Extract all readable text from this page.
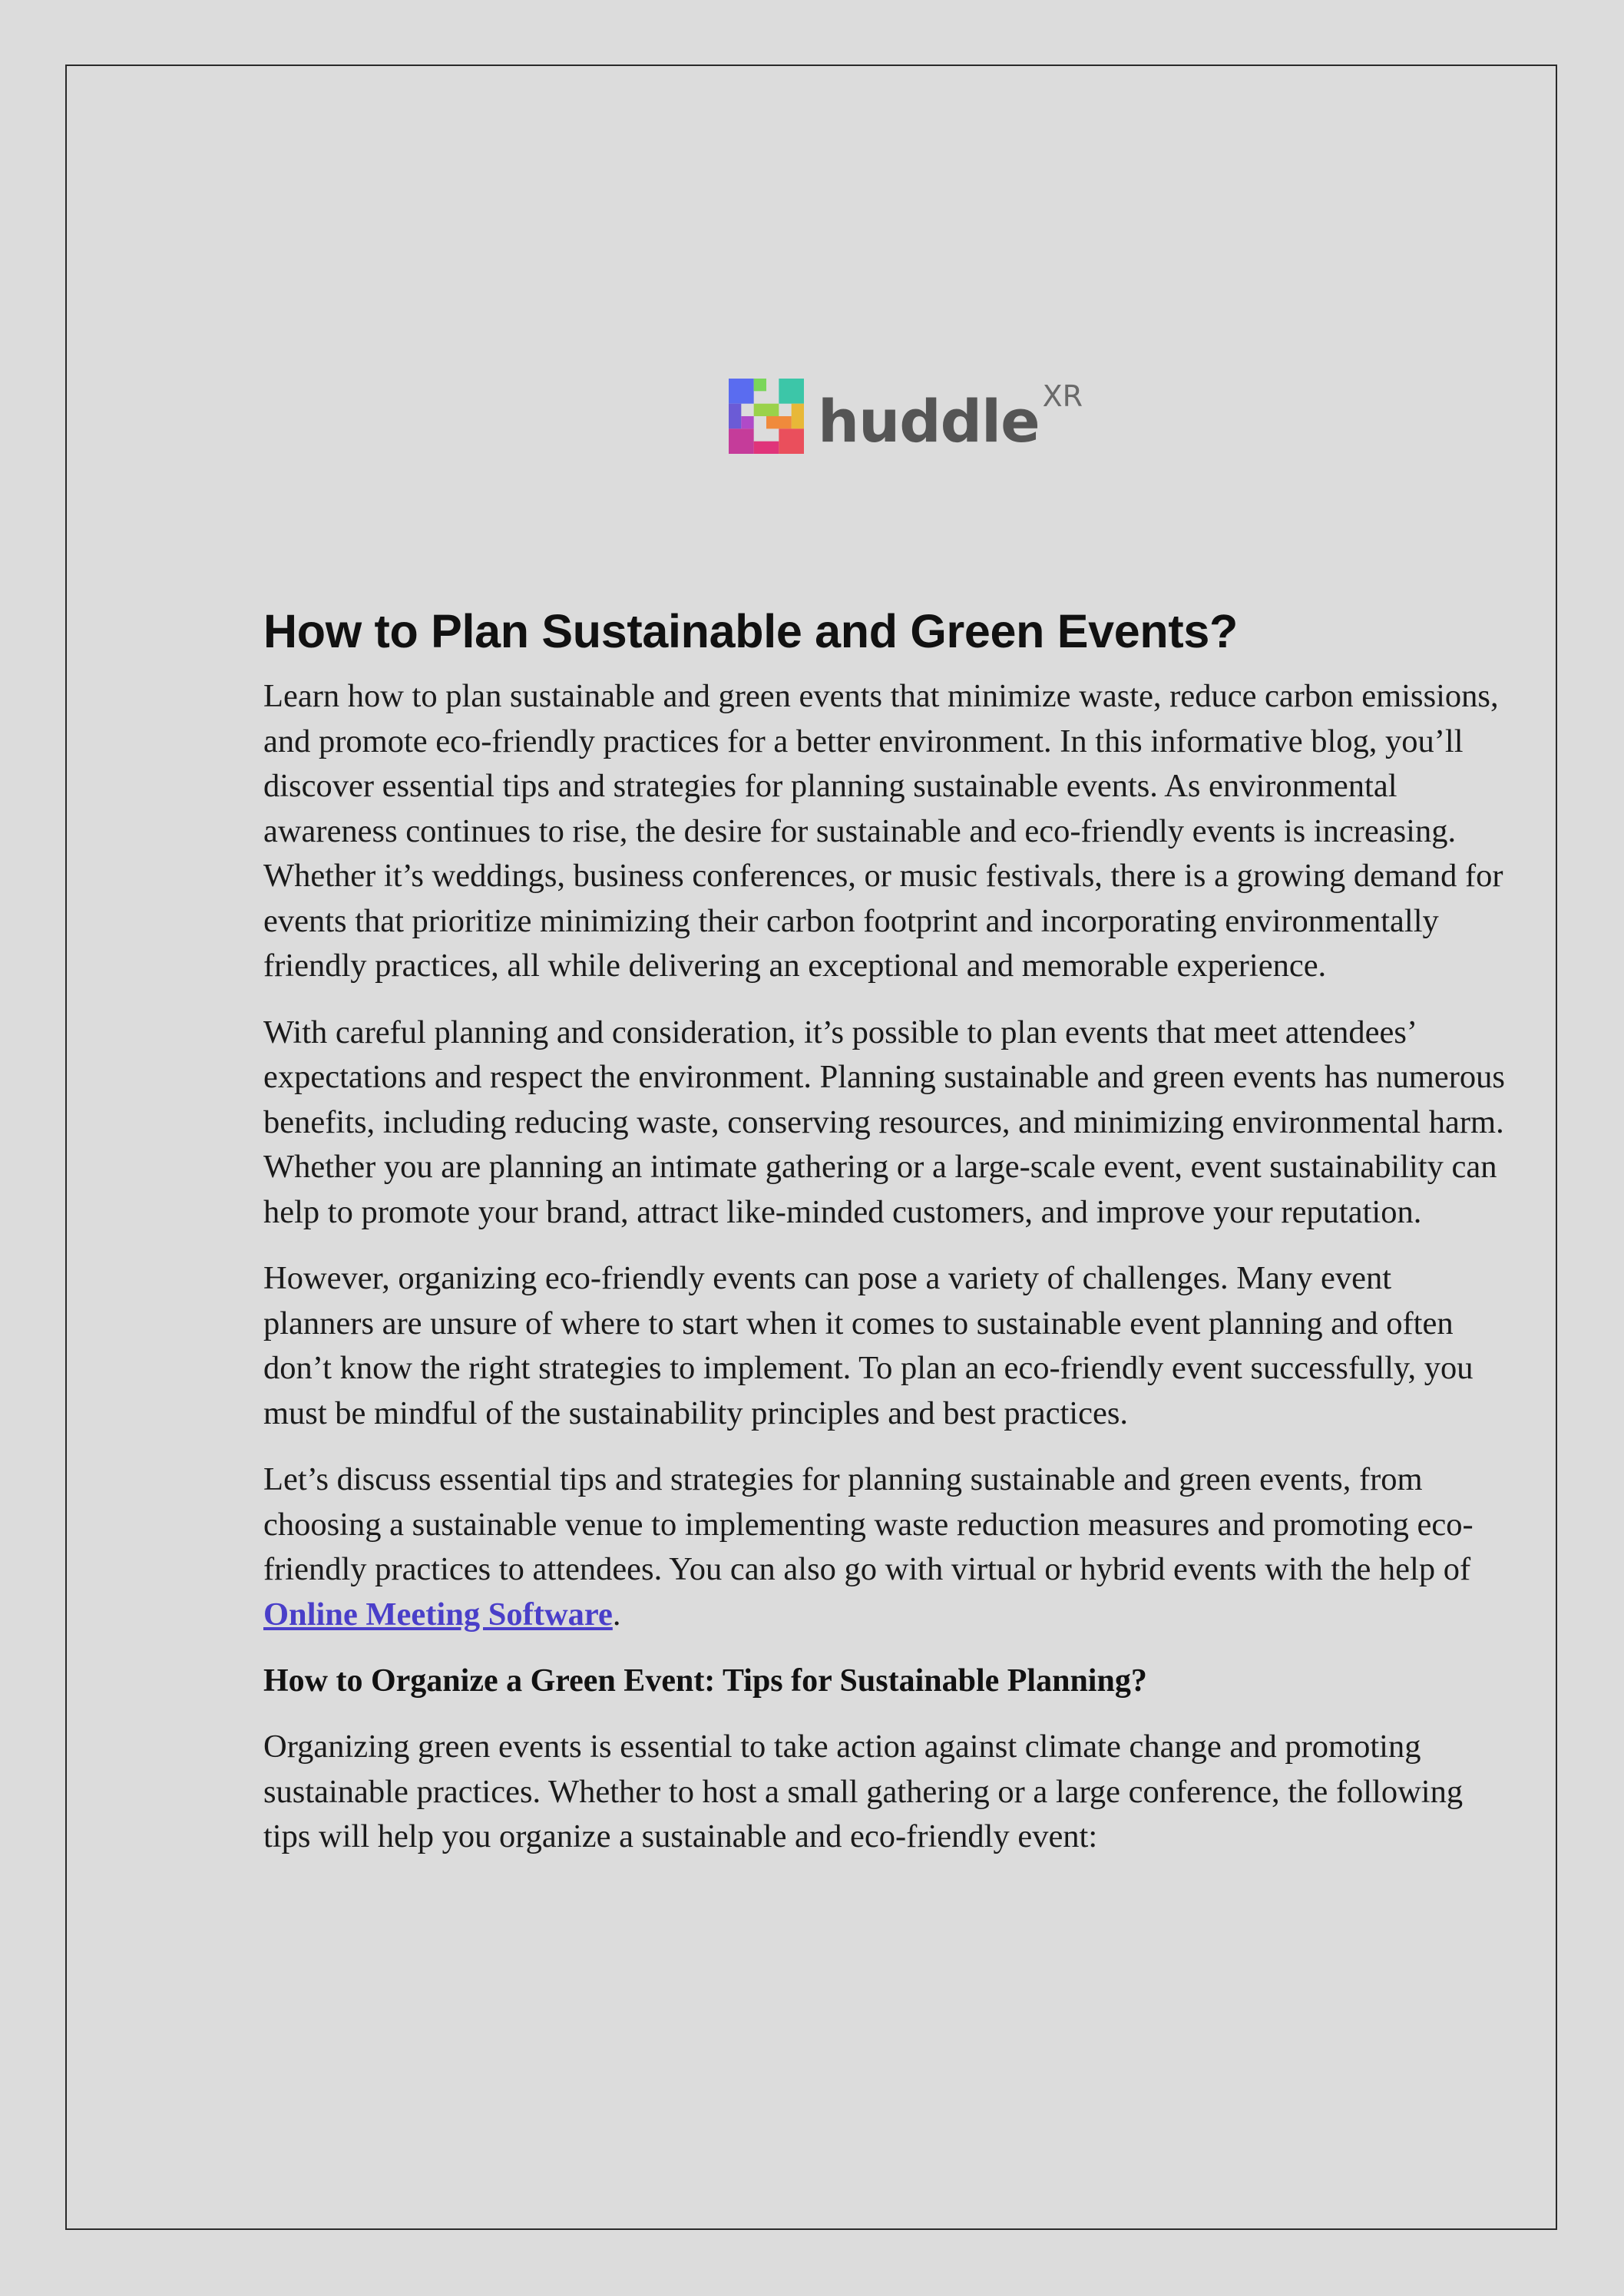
huddle XR
How to Plan Sustainable and Green Events?

Learn how to plan sustainable and green events that minimize waste, reduce carbon emissions, and promote eco-friendly practices for a better environment. In this informative blog, you’ll discover essential tips and strategies for planning sustainable events. As environmental awareness continues to rise, the desire for sustainable and eco-friendly events is increasing. Whether it’s weddings, business conferences, or music festivals, there is a growing demand for events that prioritize minimizing their carbon footprint and incorporating environmentally friendly practices, all while delivering an exceptional and memorable experience.

With careful planning and consideration, it’s possible to plan events that meet attendees’ expectations and respect the environment. Planning sustainable and green events has numerous benefits, including reducing waste, conserving resources, and minimizing environmental harm. Whether you are planning an intimate gathering or a large-scale event, event sustainability can help to promote your brand, attract like-minded customers, and improve your reputation.

However, organizing eco-friendly events can pose a variety of challenges. Many event planners are unsure of where to start when it comes to sustainable event planning and often don’t know the right strategies to implement. To plan an eco-friendly event successfully, you must be mindful of the sustainability principles and best practices.

Let’s discuss essential tips and strategies for planning sustainable and green events, from choosing a sustainable venue to implementing waste reduction measures and promoting eco-friendly practices to attendees. You can also go with virtual or hybrid events with the help of Online Meeting Software.

How to Organize a Green Event: Tips for Sustainable Planning?

Organizing green events is essential to take action against climate change and promoting sustainable practices. Whether to host a small gathering or a large conference, the following tips will help you organize a sustainable and eco-friendly event:
